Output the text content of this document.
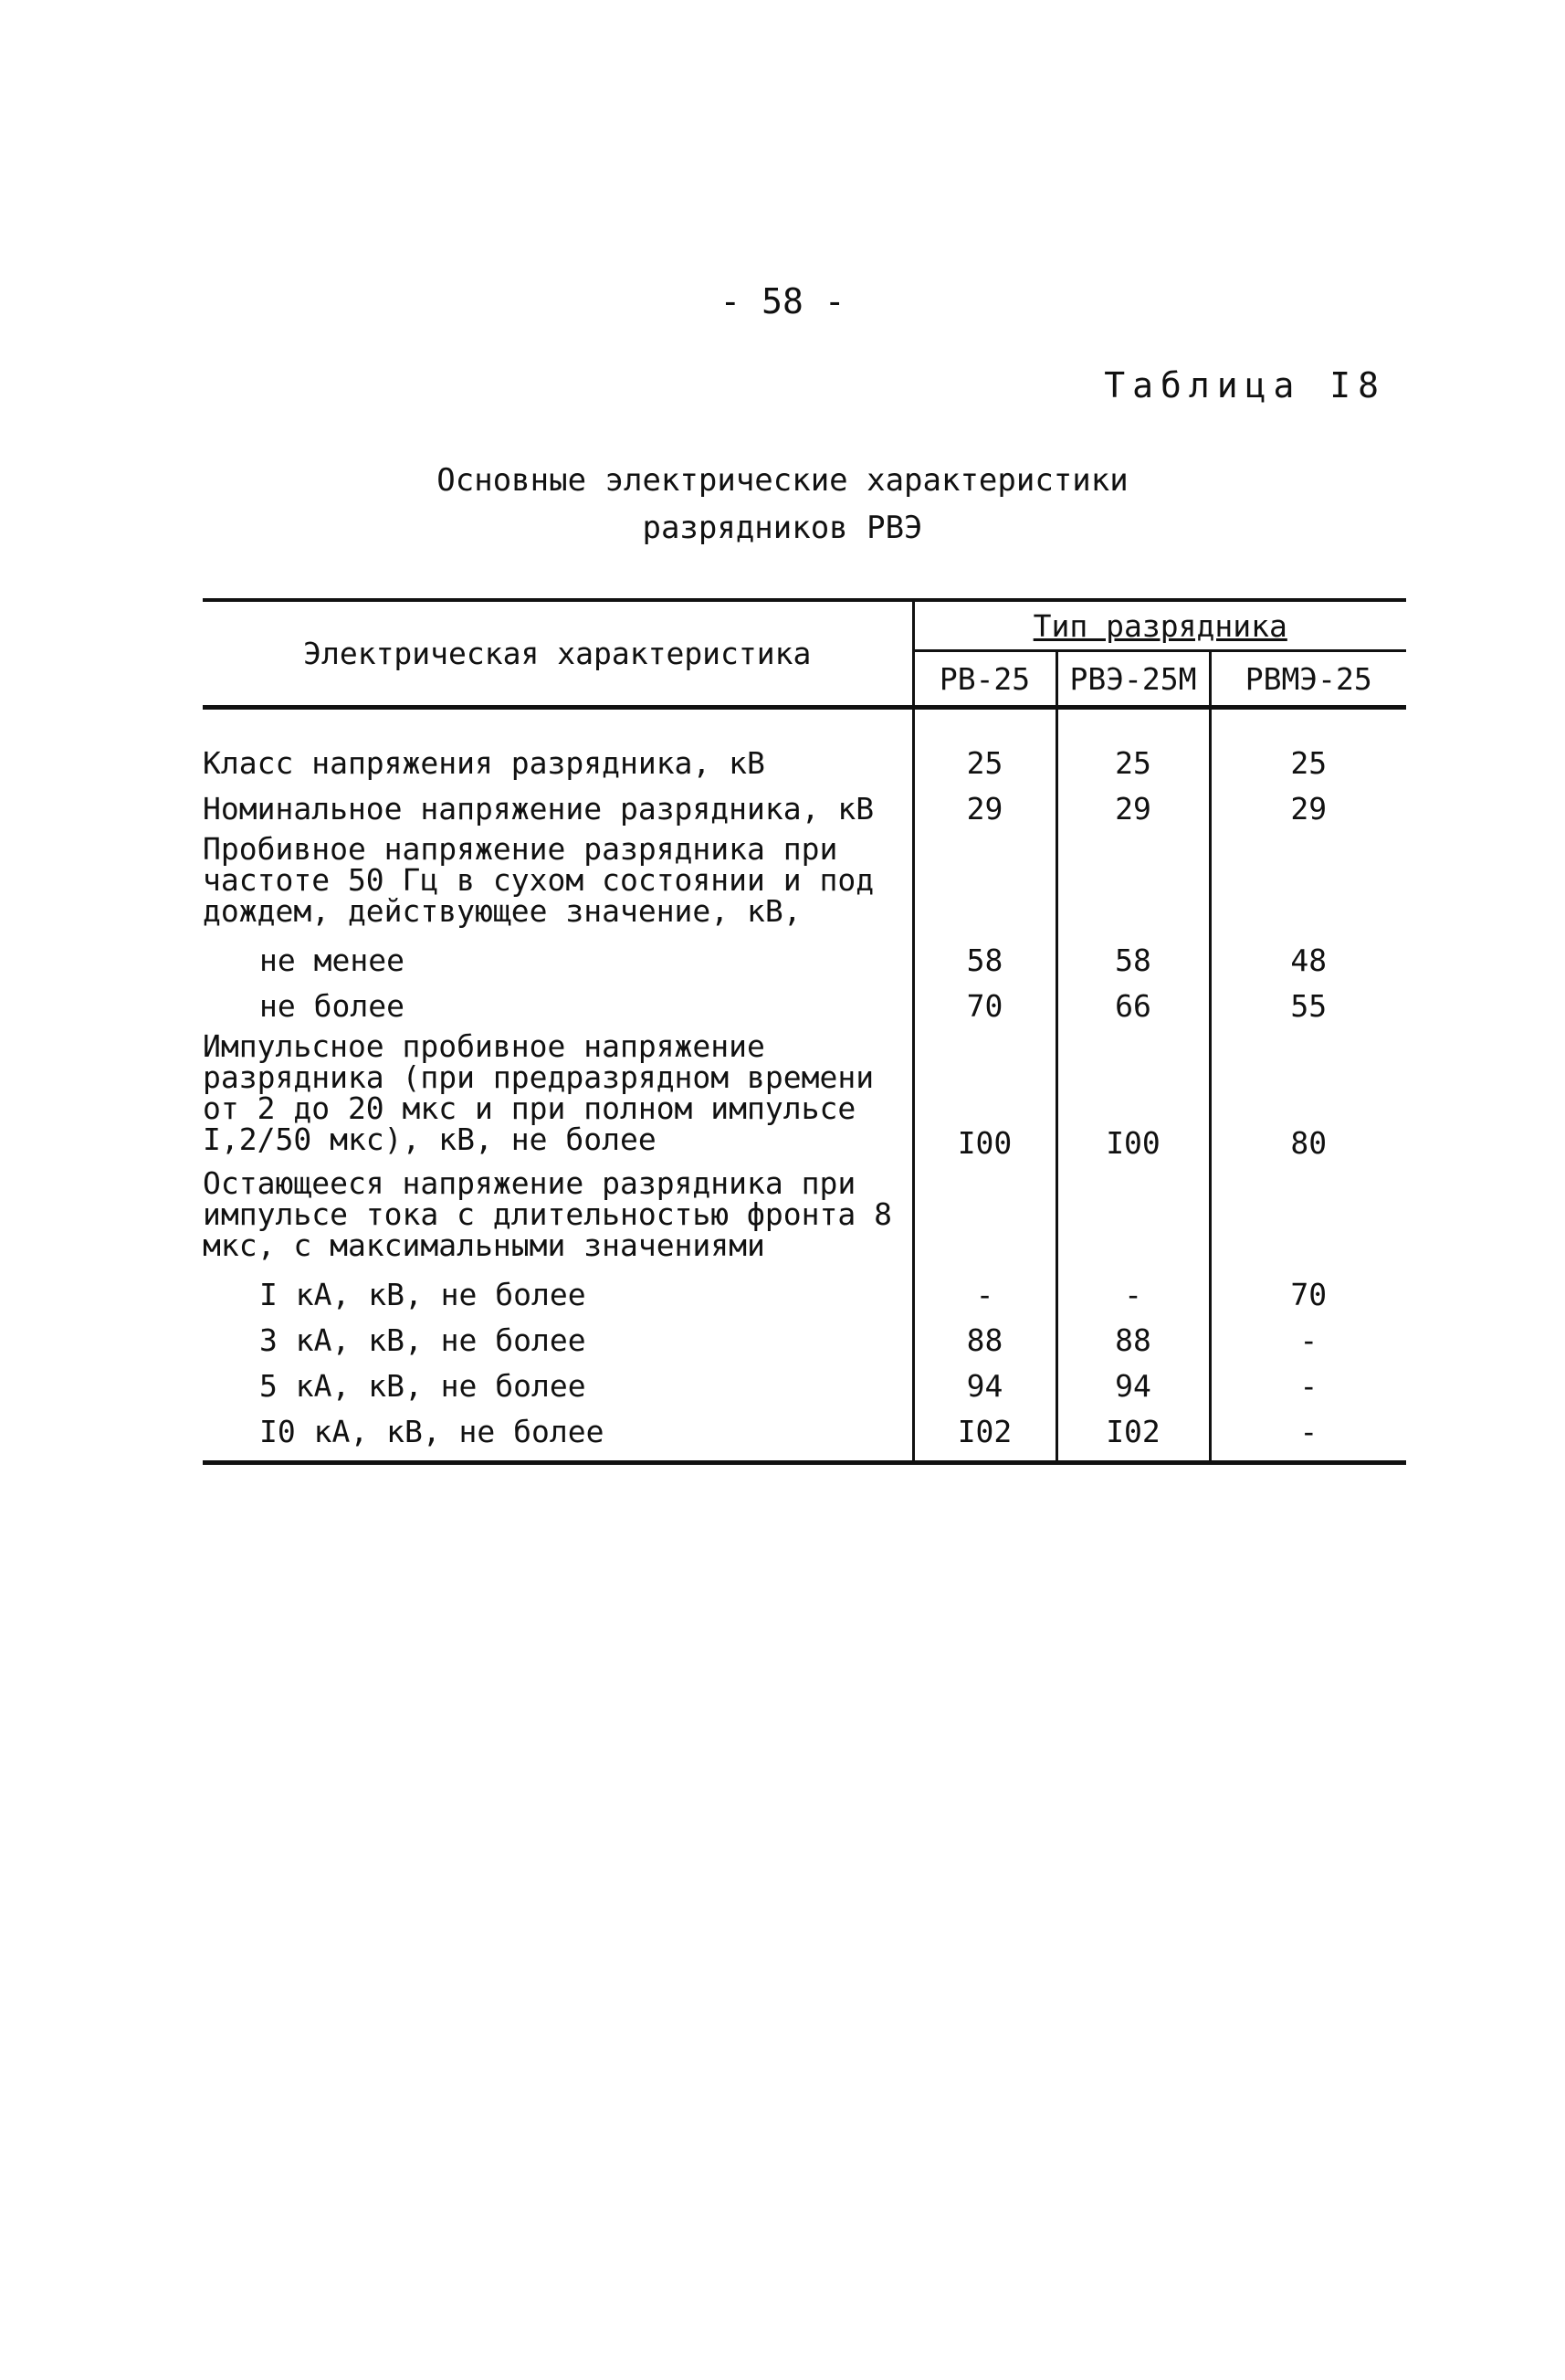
- 58 -
Таблица I8
Основные электрические характеристики
разрядников РВЭ
Электрическая характеристика	Тип разрядника		
	РВ-25	РВЭ-25М	РВМЭ-25
Класс напряжения разрядника, кВ	25	25	25
Номинальное напряжение разрядника, кВ	29	29	29
Пробивное напряжение разрядника при частоте 50 Гц в сухом состоянии и под дождем, действующее значение, кВ,			
не менее	58	58	48
не более	70	66	55
Импульсное пробивное напряжение разрядника (при предразрядном времени от 2 до 20 мкс и при полном импульсе I,2/50 мкс), кВ, не более	I00	I00	80
Остающееся напряжение разрядника при импульсе тока с длительностью фронта 8 мкс, с максимальными значениями			
I кА, кВ, не более	-	-	70
3 кА, кВ, не более	88	88	-
5 кА, кВ, не более	94	94	-
I0 кА, кВ, не более	I02	I02	-
